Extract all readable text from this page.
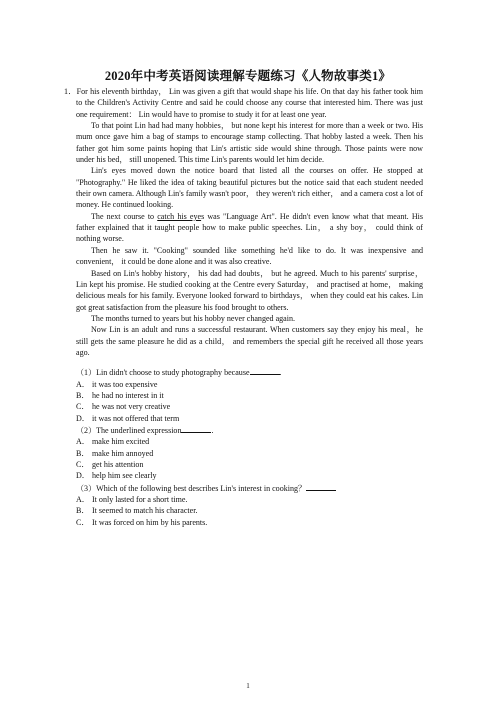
2020年中考英语阅读理解专题练习《人物故事类1》

1．For his eleventh birthday， Lin was given a gift that would shape his life. On that day his father took him to the Children's Activity Centre and said he could choose any course that interested him. There was just one requirement： Lin would have to promise to study it for at least one year.

To that point Lin had had many hobbies， but none kept his interest for more than a week or two. His mum once gave him a bag of stamps to encourage stamp collecting. That hobby lasted a week. Then his father got him some paints hoping that Lin's artistic side would shine through. Those paints were now under his bed， still unopened. This time Lin's parents would let him decide.

Lin's eyes moved down the notice board that listed all the courses on offer. He stopped at "Photography." He liked the idea of taking beautiful pictures but the notice said that each student needed their own camera. Although Lin's family wasn't poor， they weren't rich either， and a camera cost a lot of money. He continued looking.

The next course to catch his eyes was "Language Art". He didn't even know what that meant. His father explained that it taught people how to make public speeches. Lin， a shy boy， could think of nothing worse.

Then he saw it. "Cooking" sounded like something he'd like to do. It was inexpensive and convenient， it could be done alone and it was also creative.

Based on Lin's hobby history， his dad had doubts， but he agreed. Much to his parents' surprise，Lin kept his promise. He studied cooking at the Centre every Saturday， and practised at home， making delicious meals for his family. Everyone looked forward to birthdays， when they could eat his cakes. Lin got great satisfaction from the pleasure his food brought to others.

The months turned to years but his hobby never changed again.

Now Lin is an adult and runs a successful restaurant. When customers say they enjoy his meal，he still gets the same pleasure he did as a child， and remembers the special gift he received all those years ago.

（1）Lin didn't choose to study photography because	.

A． it was too expensive

B． he had no interest in it

C． he was not very creative

D． it was not offered that term

（2）The underlined expression	.

A． make him excited

B． make him annoyed

C． get his attention

D． help him see clearly

（3）Which of the following best describes Lin's interest in cooking？

A． It only lasted for a short time.

B． It seemed to match his character.

C． It was forced on him by his parents.

1
